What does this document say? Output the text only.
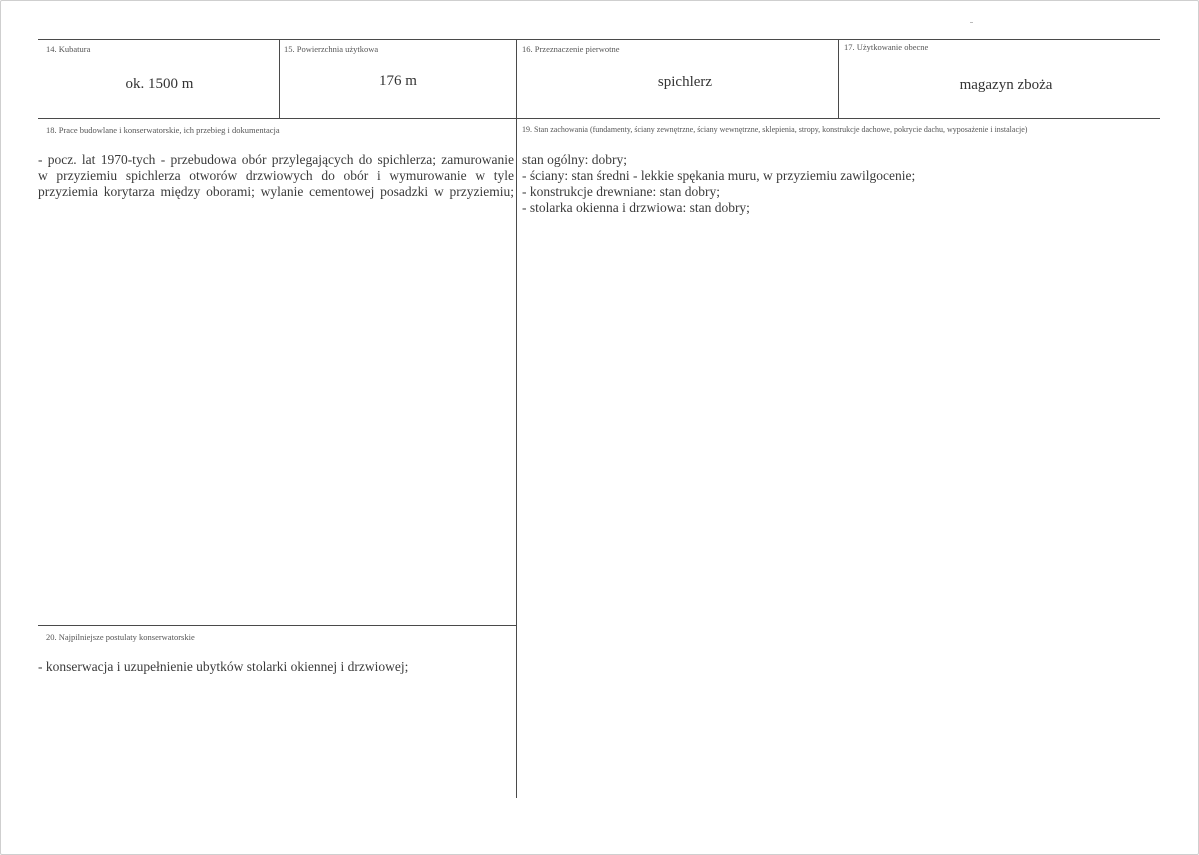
14. Kubatura
ok. 1500 m
15. Powierzchnia użytkowa
176 m
16. Przeznaczenie pierwotne
spichlerz
17. Użytkowanie obecne
magazyn zboża
18. Prace budowlane i konserwatorskie, ich przebieg i dokumentacja
- pocz. lat 1970-tych - przebudowa obór przylegających do spichlerza; zamurowanie
w przyziemiu spichlerza otworów drzwiowych do obór i wymurowanie w tyle
przyziemia korytarza między oborami; wylanie cementowej posadzki w przyziemiu;
19. Stan zachowania (fundamenty, ściany zewnętrzne, ściany wewnętrzne, sklepienia, stropy, konstrukcje dachowe, pokrycie dachu, wyposażenie i instalacje)
stan ogólny: dobry;
- ściany: stan średni - lekkie spękania muru, w przyziemiu zawilgocenie;
- konstrukcje drewniane: stan dobry;
- stolarka okienna i drzwiowa: stan dobry;
20. Najpilniejsze postulaty konserwatorskie
- konserwacja i uzupełnienie ubytków stolarki okiennej i drzwiowej;
